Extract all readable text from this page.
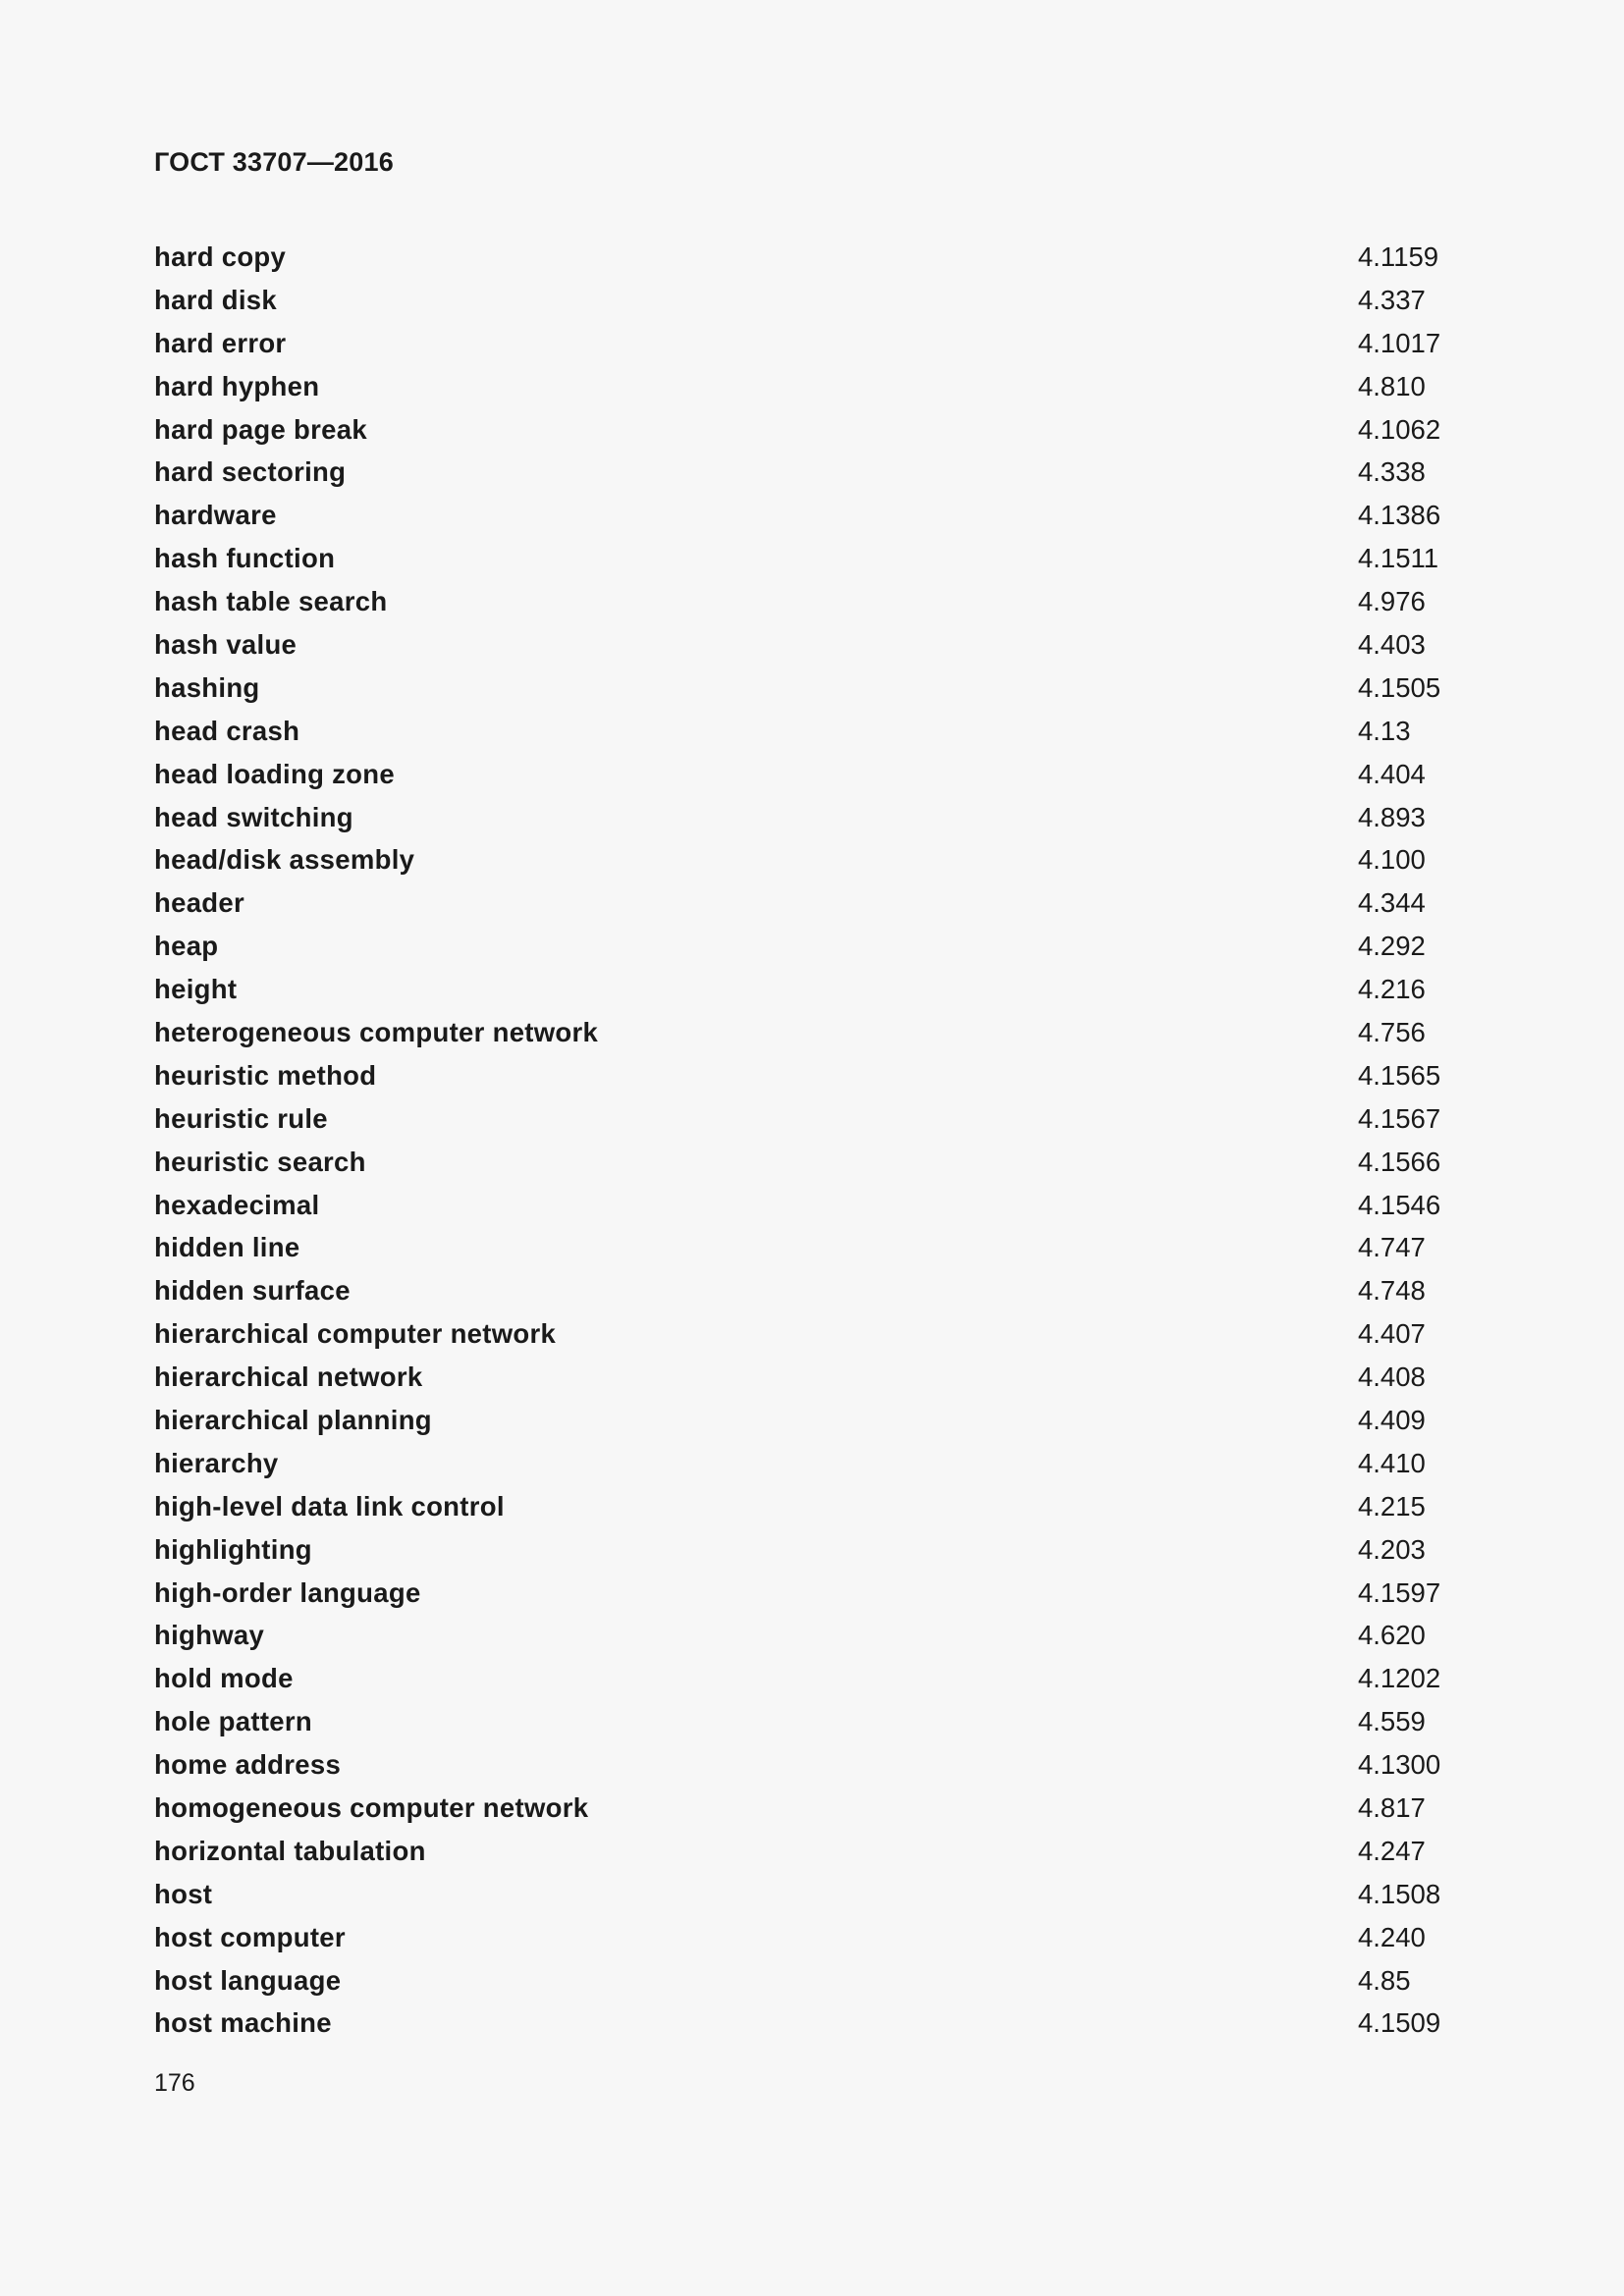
ГОСТ 33707—2016
hard copy	4.1159
hard disk	4.337
hard error	4.1017
hard hyphen	4.810
hard page break	4.1062
hard sectoring	4.338
hardware	4.1386
hash function	4.1511
hash table search	4.976
hash value	4.403
hashing	4.1505
head crash	4.13
head loading zone	4.404
head switching	4.893
head/disk assembly	4.100
header	4.344
heap	4.292
height	4.216
heterogeneous computer network	4.756
heuristic method	4.1565
heuristic rule	4.1567
heuristic search	4.1566
hexadecimal	4.1546
hidden line	4.747
hidden surface	4.748
hierarchical computer network	4.407
hierarchical network	4.408
hierarchical planning	4.409
hierarchy	4.410
high-level data link control	4.215
highlighting	4.203
high-order language	4.1597
highway	4.620
hold mode	4.1202
hole pattern	4.559
home address	4.1300
homogeneous computer network	4.817
horizontal tabulation	4.247
host	4.1508
host computer	4.240
host language	4.85
host machine	4.1509
176
